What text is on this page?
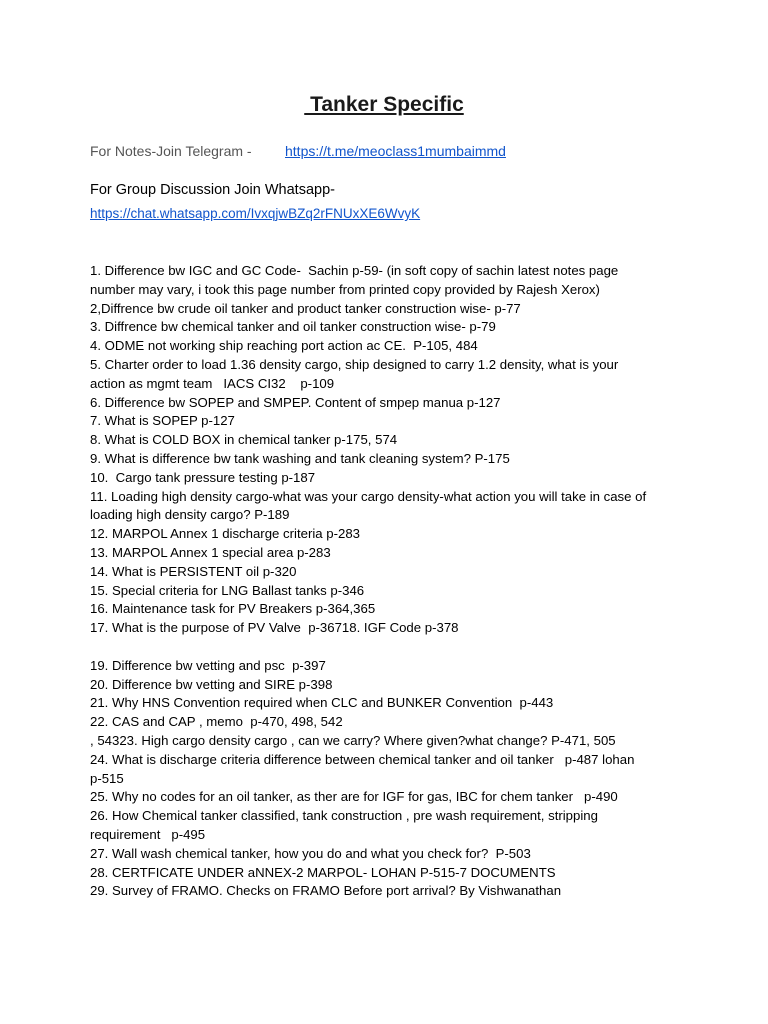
Tanker Specific
For Notes-Join Telegram - https://t.me/meoclass1mumbaimmd
For Group Discussion Join Whatsapp-
https://chat.whatsapp.com/IvxqjwBZq2rFNUxXE6WvyK
1. Difference bw IGC and GC Code-  Sachin p-59- (in soft copy of sachin latest notes page
number may vary, i took this page number from printed copy provided by Rajesh Xerox)
2,Diffrence bw crude oil tanker and product tanker construction wise- p-77
3. Diffrence bw chemical tanker and oil tanker construction wise- p-79
4. ODME not working ship reaching port action ac CE.  P-105, 484
5. Charter order to load 1.36 density cargo, ship designed to carry 1.2 density, what is your
action as mgmt team   IACS CI32    p-109
6. Difference bw SOPEP and SMPEP. Content of smpep manua p-127
7. What is SOPEP p-127
8. What is COLD BOX in chemical tanker p-175, 574
9. What is difference bw tank washing and tank cleaning system? P-175
10.  Cargo tank pressure testing p-187
11. Loading high density cargo-what was your cargo density-what action you will take in case of
loading high density cargo? P-189
12. MARPOL Annex 1 discharge criteria p-283
13. MARPOL Annex 1 special area p-283
14. What is PERSISTENT oil p-320
15. Special criteria for LNG Ballast tanks p-346
16. Maintenance task for PV Breakers p-364,365
17. What is the purpose of PV Valve  p-36718. IGF Code p-378
19. Difference bw vetting and psc  p-397
20. Difference bw vetting and SIRE p-398
21. Why HNS Convention required when CLC and BUNKER Convention  p-443
22. CAS and CAP , memo  p-470, 498, 542
, 54323. High cargo density cargo , can we carry? Where given?what change? P-471, 505
24. What is discharge criteria difference between chemical tanker and oil tanker   p-487 lohan
p-515
25. Why no codes for an oil tanker, as ther are for IGF for gas, IBC for chem tanker   p-490
26. How Chemical tanker classified, tank construction , pre wash requirement, stripping
requirement   p-495
27. Wall wash chemical tanker, how you do and what you check for?  P-503
28. CERTFICATE UNDER aNNEX-2 MARPOL- LOHAN P-515-7 DOCUMENTS
29. Survey of FRAMO. Checks on FRAMO Before port arrival? By Vishwanathan
